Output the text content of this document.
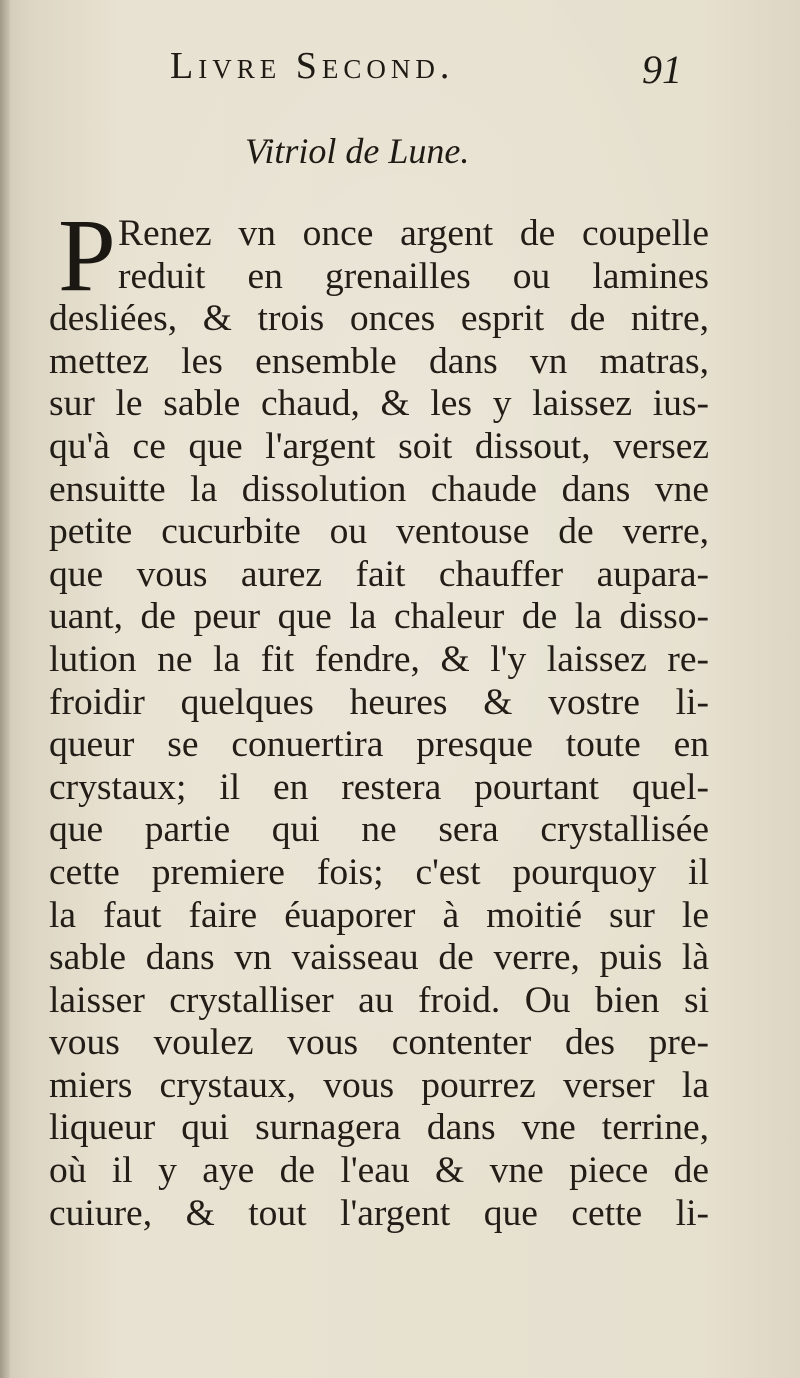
Livre Second.	91
Vitriol de Lune.
P Renez vn once argent de coupelle
reduit en grenailles ou lamines
desliées, & trois onces esprit de nitre,
mettez les ensemble dans vn matras,
sur le sable chaud, & les y laissez ius-
qu'à ce que l'argent soit dissout, versez
ensuitte la dissolution chaude dans vne
petite cucurbite ou ventouse de verre,
que vous aurez fait chauffer aupara-
uant, de peur que la chaleur de la disso-
lution ne la fit fendre, & l'y laissez re-
froidir quelques heures & vostre li-
queur se conuertira presque toute en
crystaux; il en restera pourtant quel-
que partie qui ne sera crystallisée
cette premiere fois; c'est pourquoy il
la faut faire éuaporer à moitié sur le
sable dans vn vaisseau de verre, puis là
laisser crystalliser au froid. Ou bien si
vous voulez vous contenter des pre-
miers crystaux, vous pourrez verser la
liqueur qui surnagera dans vne terrine,
où il y aye de l'eau & vne piece de
cuiure, & tout l'argent que cette li-
